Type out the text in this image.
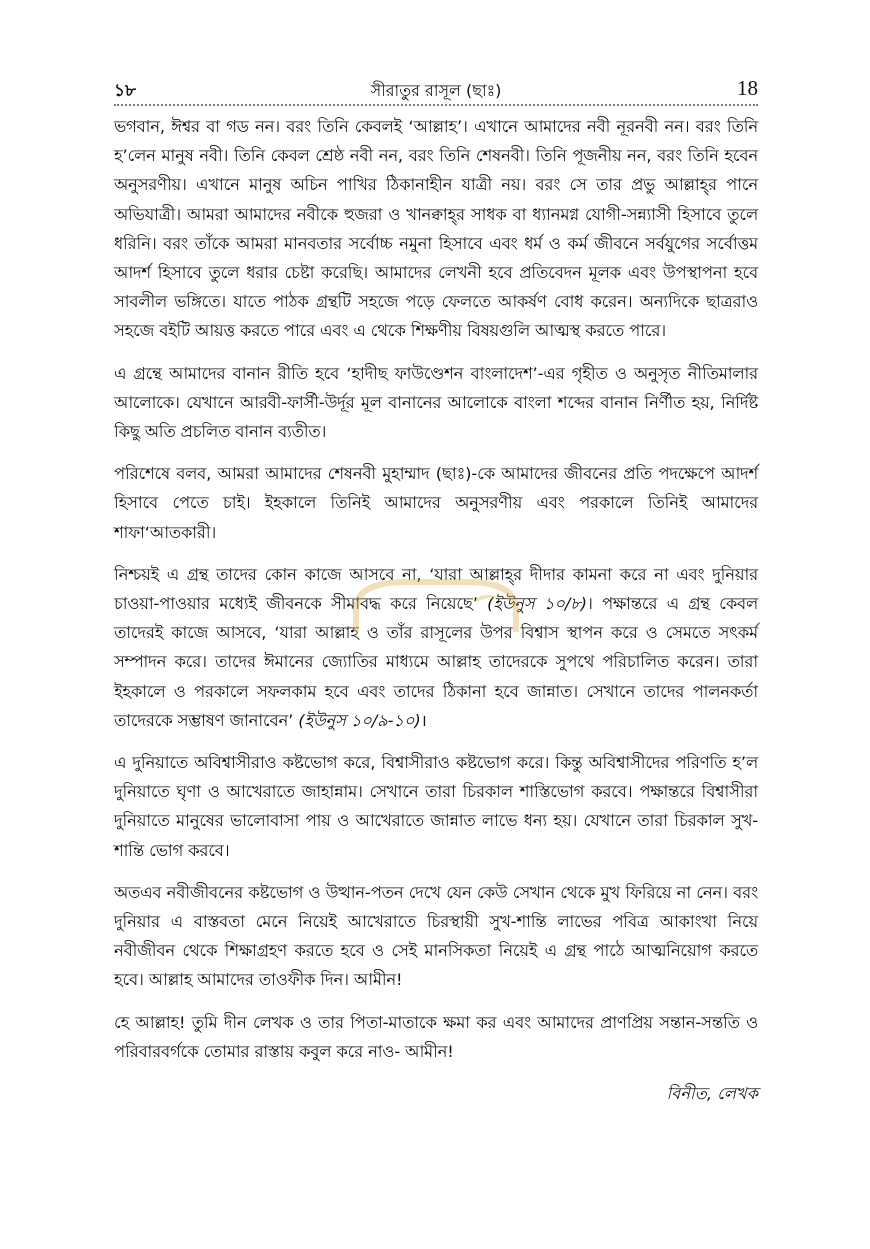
১৮	সীরাতুর রাসূল (ছাঃ)	18

ভগবান, ঈশ্বর বা গড নন। বরং তিনি কেবলই ‘আল্লাহ’। এখানে আমাদের নবী নূরনবী নন। বরং তিনি হ’লেন মানুষ নবী। তিনি কেবল শ্রেষ্ঠ নবী নন, বরং তিনি শেষনবী। তিনি পূজনীয় নন, বরং তিনি হবেন অনুসরণীয়। এখানে মানুষ অচিন পাখির ঠিকানাহীন যাত্রী নয়। বরং সে তার প্রভু আল্লাহ্‌র পানে অভিযাত্রী। আমরা আমাদের নবীকে হুজরা ও খানক্বাহ্‌র সাধক বা ধ্যানমগ্ন যোগী-সন্ন্যাসী হিসাবে তুলে ধরিনি। বরং তাঁকে আমরা মানবতার সর্বোচ্চ নমুনা হিসাবে এবং ধর্ম ও কর্ম জীবনে সর্বযুগের সর্বোত্তম আদর্শ হিসাবে তুলে ধরার চেষ্টা করেছি। আমাদের লেখনী হবে প্রতিবেদন মূলক এবং উপস্থাপনা হবে সাবলীল ভঙ্গিতে। যাতে পাঠক গ্রন্থটি সহজে পড়ে ফেলতে আকর্ষণ বোধ করেন। অন্যদিকে ছাত্ররাও সহজে বইটি আয়ত্ত করতে পারে এবং এ থেকে শিক্ষণীয় বিষয়গুলি আত্মস্থ করতে পারে।

এ গ্রন্থে আমাদের বানান রীতি হবে ‘হাদীছ ফাউণ্ডেশন বাংলাদেশ’-এর গৃহীত ও অনুসৃত নীতিমালার আলোকে। যেখানে আরবী-ফার্সী-উর্দূর মূল বানানের আলোকে বাংলা শব্দের বানান নির্ণীত হয়, নির্দিষ্ট কিছু অতি প্রচলিত বানান ব্যতীত।

পরিশেষে বলব, আমরা আমাদের শেষনবী মুহাম্মাদ (ছাঃ)-কে আমাদের জীবনের প্রতি পদক্ষেপে আদর্শ হিসাবে পেতে চাই। ইহকালে তিনিই আমাদের অনুসরণীয় এবং পরকালে তিনিই আমাদের শাফা‘আতকারী।

নিশ্চয়ই এ গ্রন্থ তাদের কোন কাজে আসবে না, ‘যারা আল্লাহ্‌র দীদার কামনা করে না এবং দুনিয়ার চাওয়া-পাওয়ার মধ্যেই জীবনকে সীমাবদ্ধ করে নিয়েছে’ (ইউনুস ১০/৮)। পক্ষান্তরে এ গ্রন্থ কেবল তাদেরই কাজে আসবে, ‘যারা আল্লাহ ও তাঁর রাসূলের উপর বিশ্বাস স্থাপন করে ও সেমতে সৎকর্ম সম্পাদন করে। তাদের ঈমানের জ্যোতির মাধ্যমে আল্লাহ তাদেরকে সুপথে পরিচালিত করেন। তারা ইহকালে ও পরকালে সফলকাম হবে এবং তাদের ঠিকানা হবে জান্নাত। সেখানে তাদের পালনকর্তা তাদেরকে সম্ভাষণ জানাবেন’ (ইউনুস ১০/৯-১০)।

এ দুনিয়াতে অবিশ্বাসীরাও কষ্টভোগ করে, বিশ্বাসীরাও কষ্টভোগ করে। কিন্তু অবিশ্বাসীদের পরিণতি হ’ল দুনিয়াতে ঘৃণা ও আখেরাতে জাহান্নাম। সেখানে তারা চিরকাল শাস্তিভোগ করবে। পক্ষান্তরে বিশ্বাসীরা দুনিয়াতে মানুষের ভালোবাসা পায় ও আখেরাতে জান্নাত লাভে ধন্য হয়। যেখানে তারা চিরকাল সুখ-শান্তি ভোগ করবে।

অতএব নবীজীবনের কষ্টভোগ ও উত্থান-পতন দেখে যেন কেউ সেখান থেকে মুখ ফিরিয়ে না নেন। বরং দুনিয়ার এ বাস্তবতা মেনে নিয়েই আখেরাতে চিরস্থায়ী সুখ-শান্তি লাভের পবিত্র আকাংখা নিয়ে নবীজীবন থেকে শিক্ষাগ্রহণ করতে হবে ও সেই মানসিকতা নিয়েই এ গ্রন্থ পাঠে আত্মনিয়োগ করতে হবে। আল্লাহ আমাদের তাওফীক দিন। আমীন!

হে আল্লাহ! তুমি দীন লেখক ও তার পিতা-মাতাকে ক্ষমা কর এবং আমাদের প্রাণপ্রিয় সন্তান-সন্ততি ও পরিবারবর্গকে তোমার রাস্তায় কবুল করে নাও- আমীন!

বিনীত, লেখক
